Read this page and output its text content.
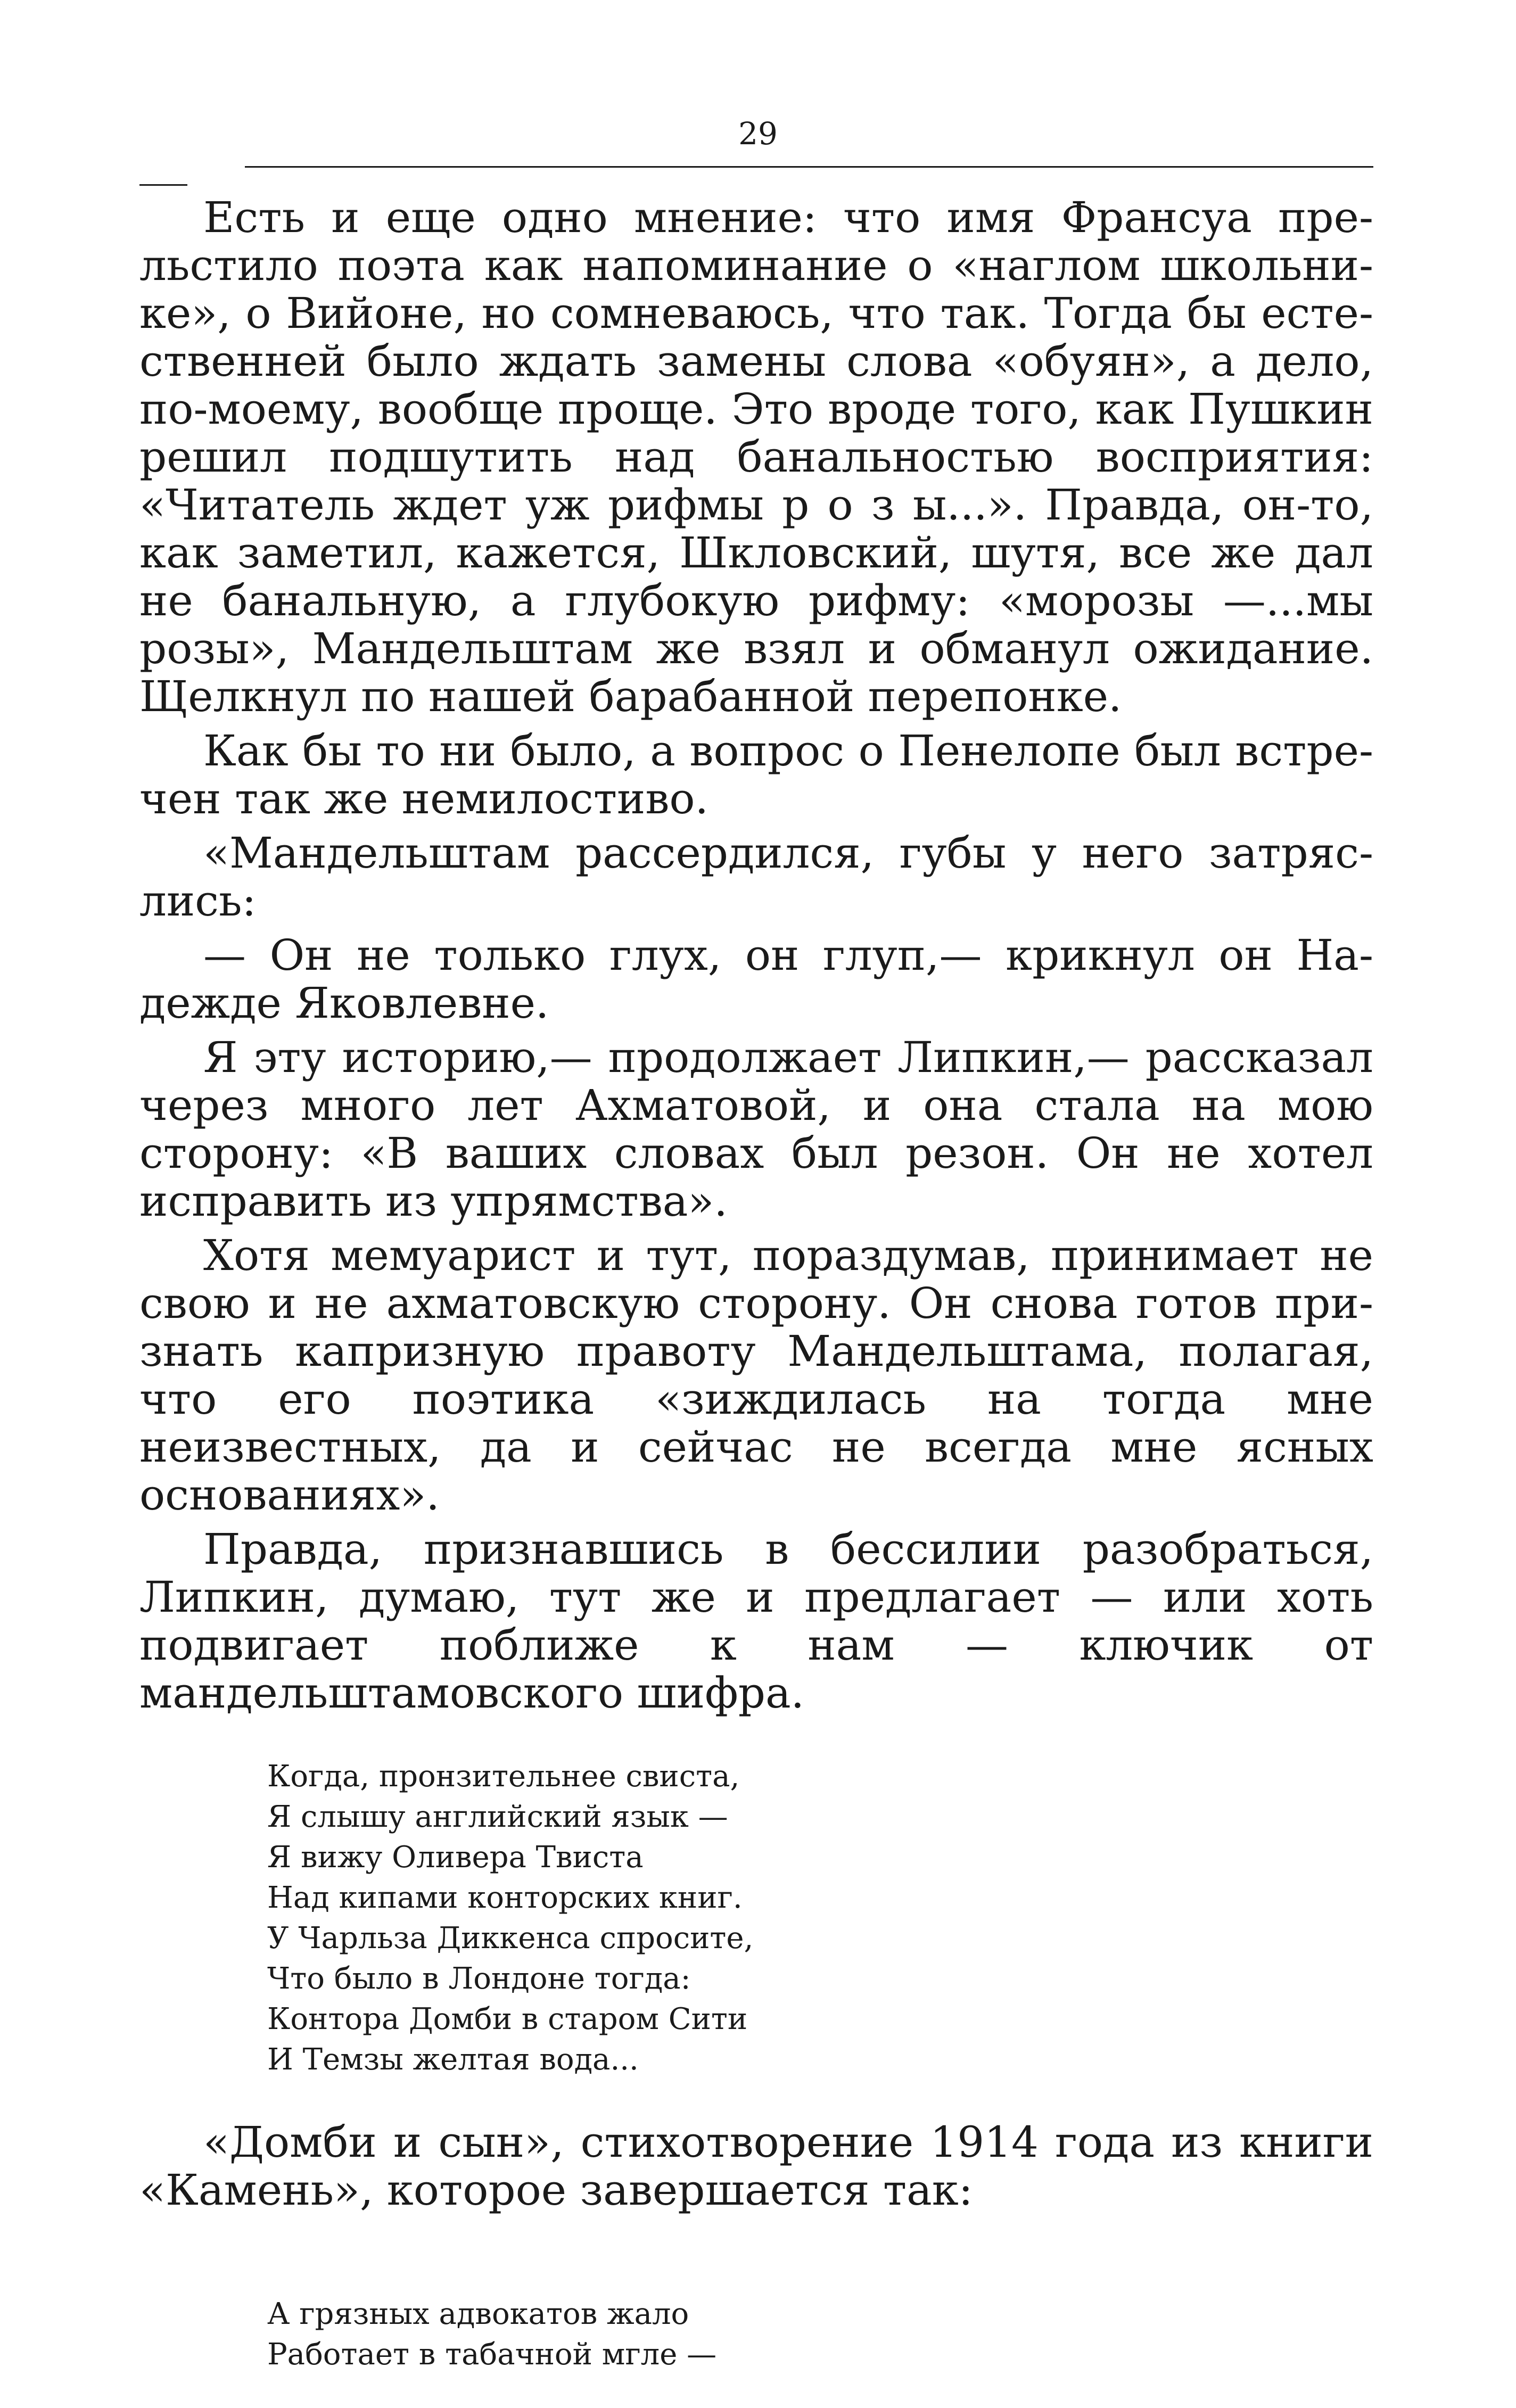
29

Есть и еще одно мнение: что имя Франсуа прельстило поэта как напоминание о «наглом школьнике», о Вийоне, но сомневаюсь, что так. Тогда бы естественней было ждать замены слова «обуян», а дело, по-моему, вообще проще. Это вроде того, как Пушкин решил подшутить над банальностью восприятия: «Читатель ждет уж рифмы р о з ы...». Правда, он-то, как заметил, кажется, Шкловский, шутя, все же дал не банальную, а глубокую рифму: «морозы —...мы розы», Мандельштам же взял и обманул ожидание. Щелкнул по нашей барабанной перепонке.

Как бы то ни было, а вопрос о Пенелопе был встречен так же немилостиво.

«Мандельштам рассердился, губы у него затряслись:

— Он не только глух, он глуп,— крикнул он Надежде Яковлевне.

Я эту историю,— продолжает Липкин,— рассказал через много лет Ахматовой, и она стала на мою сторону: «В ваших словах был резон. Он не хотел исправить из упрямства».

Хотя мемуарист и тут, пораздумав, принимает не свою и не ахматовскую сторону. Он снова готов признать капризную правоту Мандельштама, полагая, что его поэтика «зиждилась на тогда мне неизвестных, да и сейчас не всегда мне ясных основаниях».

Правда, признавшись в бессилии разобраться, Липкин, думаю, тут же и предлагает — или хоть подвигает поближе к нам — ключик от мандельштамовского шифра.

Когда, пронзительнее свиста,
Я слышу английский язык —
Я вижу Оливера Твиста
Над кипами конторских книг.
У Чарльза Диккенса спросите,
Что было в Лондоне тогда:
Контора Домби в старом Сити
И Темзы желтая вода...

«Домби и сын», стихотворение 1914 года из книги «Камень», которое завершается так:

А грязных адвокатов жало
Работает в табачной мгле —
